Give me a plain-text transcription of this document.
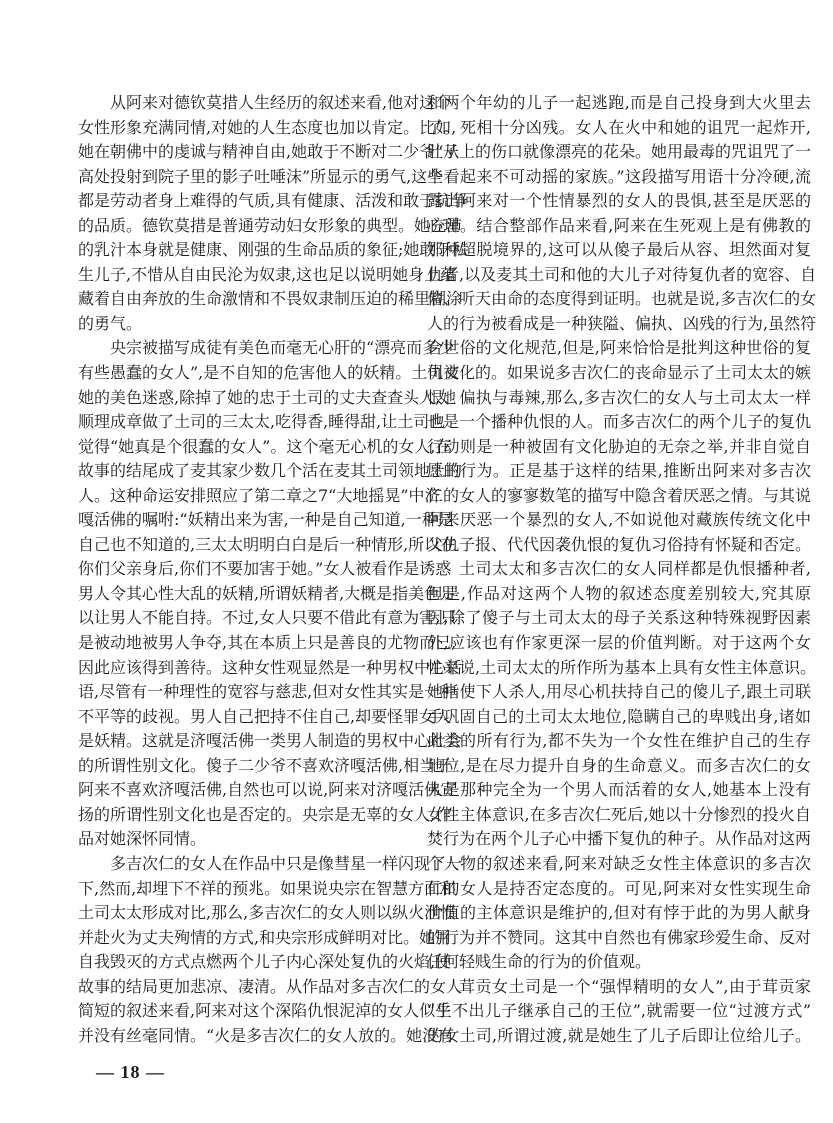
从阿来对德钦莫措人生经历的叙述来看,他对这个
女性形象充满同情,对她的人生态度也加以肯定。比如,
她在朝佛中的虔诚与精神自由,她敢于不断对二少爷“从
高处投射到院子里的影子吐唾沫”所显示的勇气,这些
都是劳动者身上难得的气质,具有健康、活泼和敢于抗争
的品质。德钦莫措是普通劳动妇女形象的典型。她充沛
的乳汁本身就是健康、刚强的生命品质的象征;她敢于私
生儿子,不惜从自由民沦为奴隶,这也足以说明她身上蕴
藏着自由奔放的生命激情和不畏奴隶制压迫的稀里糊涂
的勇气。
央宗被描写成徒有美色而毫无心肝的“漂亮而多少
有些愚蠢的女人”,是不自知的危害他人的妖精。土司被
她的美色迷惑,除掉了她的忠于土司的丈夫查查头人,她
顺理成章做了土司的三太太,吃得香,睡得甜,让土司也
觉得“她真是个很蠢的女人”。这个毫无心机的女人,在
故事的结尾成了麦其家少数几个活在麦其土司领地上的
人。这种命运安排照应了第二章之7“大地摇晃”中济
嘎活佛的嘱咐:“妖精出来为害,一种是自己知道,一种是
自己也不知道的,三太太明明白白是后一种情形,所以在
你们父亲身后,你们不要加害于她。”女人被看作是诱惑
男人令其心性大乱的妖精,所谓妖精者,大概是指美色足
以让男人不能自持。不过,女人只要不借此有意为害,只
是被动地被男人争夺,其在本质上只是善良的尤物而已,
因此应该得到善待。这种女性观显然是一种男权中心话
语,尽管有一种理性的宽容与慈悲,但对女性其实是一种
不平等的歧视。男人自己把持不住自己,却要怪罪女人
是妖精。这就是济嘎活佛一类男人制造的男权中心社会
的所谓性别文化。傻子二少爷不喜欢济嘎活佛,相当于
阿来不喜欢济嘎活佛,自然也可以说,阿来对济嘎活佛宣
扬的所谓性别文化也是否定的。央宗是无辜的女人,作
品对她深怀同情。
多吉次仁的女人在作品中只是像彗星一样闪现了一
下,然而,却埋下不祥的预兆。如果说央宗在智慧方面和
土司太太形成对比,那么,多吉次仁的女人则以纵火泄愤
并赴火为丈夫殉情的方式,和央宗形成鲜明对比。她用
自我毁灭的方式点燃两个儿子内心深处复仇的火焰,使
故事的结局更加悲凉、凄清。从作品对多吉次仁的女人
简短的叙述来看,阿来对这个深陷仇恨泥淖的女人似乎
并没有丝毫同情。“火是多吉次仁的女人放的。她没有
和两个年幼的儿子一起逃跑,而是自己投身到大火里去
了。死相十分凶残。女人在火中和她的诅咒一起炸开,
肚子上的伤口就像漂亮的花朵。她用最毒的咒诅咒了一
个看起来不可动摇的家族。”这段描写用语十分冷硬,流
露出阿来对一个性情暴烈的女人的畏惧,甚至是厌恶的
心理。结合整部作品来看,阿来在生死观上是有佛教的
那种超脱境界的,这可以从傻子最后从容、坦然面对复
仇者,以及麦其土司和他的大儿子对待复仇者的宽容、自
信、听天由命的态度得到证明。也就是说,多吉次仁的女
人的行为被看成是一种狭隘、偏执、凶残的行为,虽然符
合世俗的文化规范,但是,阿来恰恰是批判这种世俗的复
仇文化的。如果说多吉次仁的丧命显示了土司太太的嫉
恨、偏执与毒辣,那么,多吉次仁的女人与土司太太一样
也是一个播种仇恨的人。而多吉次仁的两个儿子的复仇
行动则是一种被固有文化胁迫的无奈之举,并非自觉自
愿的行为。正是基于这样的结果,推断出阿来对多吉次
仁的女人的寥寥数笔的描写中隐含着厌恶之情。与其说
阿来厌恶一个暴烈的女人,不如说他对藏族传统文化中
父仇子报、代代因袭仇恨的复仇习俗持有怀疑和否定。
土司太太和多吉次仁的女人同样都是仇恨播种者,
但是,作品对这两个人物的叙述态度差别较大,究其原
因,除了傻子与土司太太的母子关系这种特殊视野因素
外,应该也有作家更深一层的价值判断。对于这两个女
性来说,土司太太的所作所为基本上具有女性主体意识。
她指使下人杀人,用尽心机扶持自己的傻儿子,跟土司联
手巩固自己的土司太太地位,隐瞒自己的卑贱出身,诸如
此类的所有行为,都不失为一个女性在维护自己的生存
地位,是在尽力提升自身的生命意义。而多吉次仁的女
人是那种完全为一个男人而活着的女人,她基本上没有
女性主体意识,在多吉次仁死后,她以十分惨烈的投火自
焚行为在两个儿子心中播下复仇的种子。从作品对这两
个人物的叙述来看,阿来对缺乏女性主体意识的多吉次
仁的女人是持否定态度的。可见,阿来对女性实现生命
价值的主体意识是维护的,但对有悖于此的为男人献身
的行为并不赞同。这其中自然也有佛家珍爱生命、反对
任何轻贱生命的行为的价值观。
茸贡女土司是一个“强悍精明的女人”,由于茸贡家
“生不出儿子继承自己的王位”,就需要一位“过渡方式”
的女土司,所谓过渡,就是她生了儿子后即让位给儿子。
— 18 —
